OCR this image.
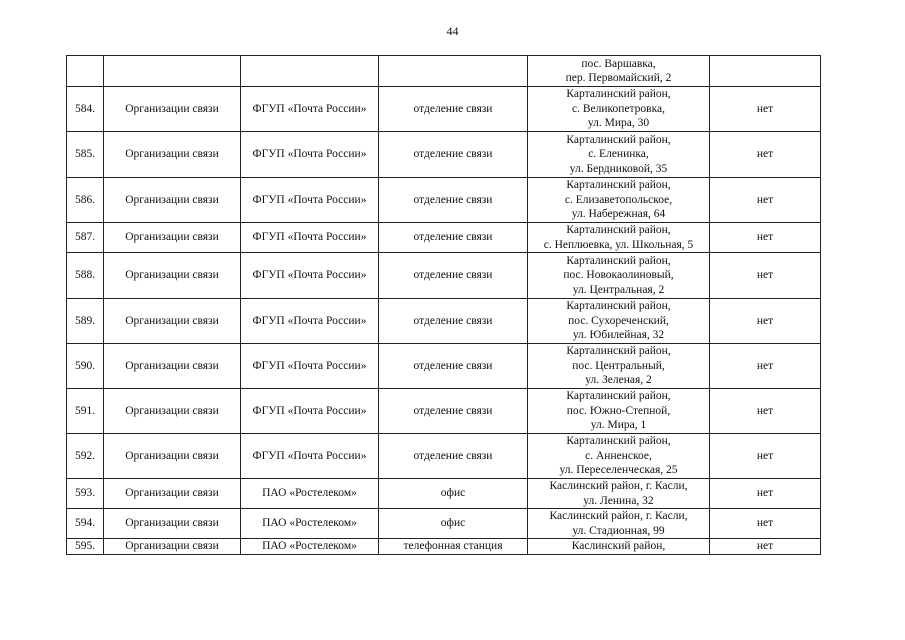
44
				пос. Варшавка,
пер. Первомайский, 2	
584.	Организации связи	ФГУП «Почта России»	отделение связи	Карталинский район,
с. Великопетровка,
ул. Мира, 30	нет
585.	Организации связи	ФГУП «Почта России»	отделение связи	Карталинский район,
с. Еленинка,
ул. Бердниковой, 35	нет
586.	Организации связи	ФГУП «Почта России»	отделение связи	Карталинский район,
с. Елизаветопольское,
ул. Набережная, 64	нет
587.	Организации связи	ФГУП «Почта России»	отделение связи	Карталинский район,
с. Неплюевка, ул. Школьная, 5	нет
588.	Организации связи	ФГУП «Почта России»	отделение связи	Карталинский район,
пос. Новокаолиновый,
ул. Центральная, 2	нет
589.	Организации связи	ФГУП «Почта России»	отделение связи	Карталинский район,
пос. Сухореченский,
ул. Юбилейная, 32	нет
590.	Организации связи	ФГУП «Почта России»	отделение связи	Карталинский район,
пос. Центральный,
ул. Зеленая, 2	нет
591.	Организации связи	ФГУП «Почта России»	отделение связи	Карталинский район,
пос. Южно-Степной,
ул. Мира, 1	нет
592.	Организации связи	ФГУП «Почта России»	отделение связи	Карталинский район,
с. Анненское,
ул. Переселенческая, 25	нет
593.	Организации связи	ПАО «Ростелеком»	офис	Каслинский район, г. Касли,
ул. Ленина, 32	нет
594.	Организации связи	ПАО «Ростелеком»	офис	Каслинский район, г. Касли,
ул. Стадионная, 99	нет
595.	Организации связи	ПАО «Ростелеком»	телефонная станция	Каслинский район,	нет
